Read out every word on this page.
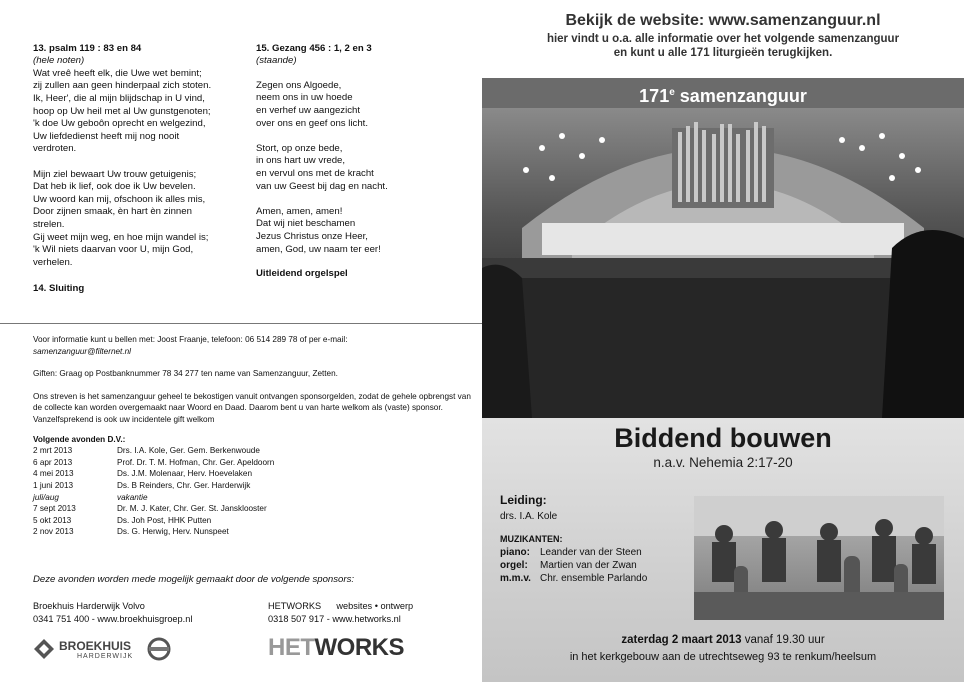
13. psalm 119 : 83 en 84
(hele noten)

Wat vreê heeft elk, die Uwe wet bemint;
zij zullen aan geen hinderpaal zich stoten.
Ik, Heer', die al mijn blijdschap in U vind,
hoop op Uw heil met al Uw gunstgenoten;
'k doe Uw geboôn oprecht en welgezind,
Uw liefdedienst heeft mij nog nooit
verdroten.

Mijn ziel bewaart Uw trouw getuigenis;
Dat heb ik lief, ook doe ik Uw bevelen.
Uw woord kan mij, ofschoon ik alles mis,
Door zijnen smaak, èn hart èn zinnen
strelen.
Gij weet mijn weg, en hoe mijn wandel is;
'k Wil niets daarvan voor U, mijn God,
verhelen.
14. Sluiting

15. Gezang 456 : 1, 2 en 3
(staande)

Zegen ons Algoede,
neem ons in uw hoede
en verhef uw aangezicht
over ons en geef ons licht.

Stort, op onze bede,
in ons hart uw vrede,
en vervul ons met de kracht
van uw Geest bij dag en nacht.

Amen, amen, amen!
Dat wij niet beschamen
Jezus Christus onze Heer,
amen, God, uw naam ter eer!
Uitleidend orgelspel
Voor informatie kunt u bellen met: Joost Fraanje, telefoon: 06 514 289 78 of per e-mail:
samenzanguur@filternet.nl
Giften: Graag op Postbanknummer 78 34 277 ten name van Samenzanguur, Zetten.
Ons streven is het samenzanguur geheel te bekostigen vanuit ontvangen sponsorgelden, zodat de gehele opbrengst van de collecte kan worden overgemaakt naar Woord en Daad. Daarom bent u van harte welkom als (vaste) sponsor. Vanzelfsprekend is ook uw incidentele gift welkom
Volgende avonden D.V.:
2 mrt 2013	Drs. I.A. Kole, Ger. Gem. Berkenwoude
6 apr 2013	Prof. Dr. T. M. Hofman, Chr. Ger. Apeldoorn
4 mei 2013	Ds. J.M. Molenaar, Herv. Hoevelaken
1 juni 2013	Ds. B Reinders, Chr. Ger. Harderwijk
juli/aug	vakantie
7 sept 2013	Dr. M. J. Kater, Chr. Ger. St. Jansklooster
5 okt 2013	Ds. Joh Post, HHK Putten
2 nov 2013	Ds. G. Herwig, Herv. Nunspeet
Deze avonden worden mede mogelijk gemaakt door de volgende sponsors:
Broekhuis Harderwijk Volvo
0341 751 400 - www.broekhuisgroep.nl
HETWORKS      websites • ontwerp
0318 507 917 - www.hetworks.nl
BROEKHUIS
HARDERWIJK	HETWORKS
Bekijk de website: www.samenzanguur.nl
hier vindt u o.a. alle informatie over het volgende samenzanguur
en kunt u alle 171 liturgieën terugkijken.
171e samenzanguur
Biddend bouwen
n.a.v. Nehemia 2:17-20
Leiding:
drs. I.A. Kole
MUZIKANTEN:
piano:	Leander van der Steen
orgel:	Martien van der Zwan
m.m.v. Chr. ensemble Parlando
zaterdag 2 maart 2013 vanaf 19.30 uur
in het kerkgebouw aan de utrechtseweg 93 te renkum/heelsum
